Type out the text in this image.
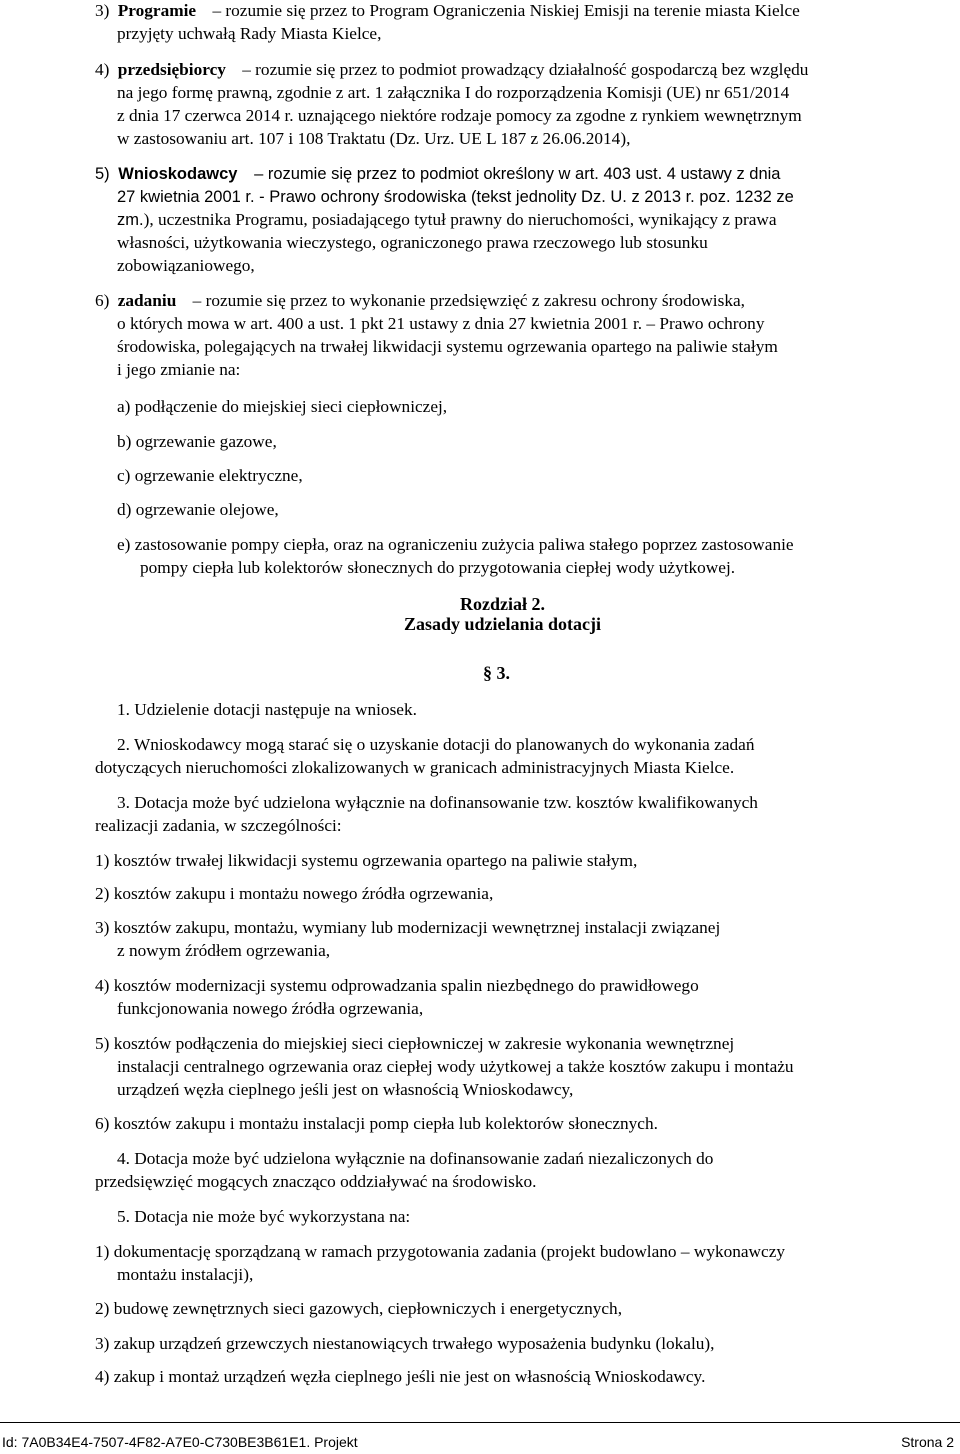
3) Programie – rozumie się przez to Program Ograniczenia Niskiej Emisji na terenie miasta Kielce
przyjęty uchwałą Rady Miasta Kielce,
4) przedsiębiorcy – rozumie się przez to podmiot prowadzący działalność gospodarczą bez względu
na jego formę prawną, zgodnie z art. 1 załącznika I do rozporządzenia Komisji (UE) nr 651/2014
z dnia 17 czerwca 2014 r. uznającego niektóre rodzaje pomocy za zgodne z rynkiem wewnętrznym
w zastosowaniu art. 107 i 108 Traktatu (Dz. Urz. UE L 187 z 26.06.2014),
5) Wnioskodawcy – rozumie się przez to podmiot określony w art. 403 ust. 4 ustawy z dnia
27 kwietnia 2001 r. - Prawo ochrony środowiska (tekst jednolity Dz. U. z 2013 r. poz. 1232 ze
zm.), uczestnika Programu, posiadającego tytuł prawny do nieruchomości, wynikający z prawa
własności, użytkowania wieczystego, ograniczonego prawa rzeczowego lub stosunku
zobowiązaniowego,
6) zadaniu – rozumie się przez to wykonanie przedsięwzięć z zakresu ochrony środowiska,
o których mowa w art. 400 a ust. 1 pkt 21 ustawy z dnia 27 kwietnia 2001 r. – Prawo ochrony
środowiska, polegających na trwałej likwidacji systemu ogrzewania opartego na paliwie stałym
i jego zmianie na:
a) podłączenie do miejskiej sieci ciepłowniczej,
b) ogrzewanie gazowe,
c) ogrzewanie elektryczne,
d) ogrzewanie olejowe,
e) zastosowanie pompy ciepła, oraz na ograniczeniu zużycia paliwa stałego poprzez zastosowanie
pompy ciepła lub kolektorów słonecznych do przygotowania ciepłej wody użytkowej.
Rozdział 2.
Zasady udzielania dotacji
§ 3.
1. Udzielenie dotacji następuje na wniosek.
2. Wnioskodawcy mogą starać się o uzyskanie dotacji do planowanych do wykonania zadań
dotyczących nieruchomości zlokalizowanych w granicach administracyjnych Miasta Kielce.
3. Dotacja może być udzielona wyłącznie na dofinansowanie tzw. kosztów kwalifikowanych
realizacji zadania, w szczególności:
1) kosztów trwałej likwidacji systemu ogrzewania opartego na paliwie stałym,
2) kosztów zakupu i montażu nowego źródła ogrzewania,
3) kosztów zakupu, montażu, wymiany lub modernizacji wewnętrznej instalacji związanej
z nowym źródłem ogrzewania,
4) kosztów modernizacji systemu odprowadzania spalin niezbędnego do prawidłowego
funkcjonowania nowego źródła ogrzewania,
5) kosztów podłączenia do miejskiej sieci ciepłowniczej w zakresie wykonania wewnętrznej
instalacji centralnego ogrzewania oraz ciepłej wody użytkowej a także kosztów zakupu i montażu
urządzeń węzła cieplnego jeśli jest on własnością Wnioskodawcy,
6) kosztów zakupu i montażu instalacji pomp ciepła lub kolektorów słonecznych.
4. Dotacja może być udzielona wyłącznie na dofinansowanie zadań niezaliczonych do
przedsięwzięć mogących znacząco oddziaływać na środowisko.
5. Dotacja nie może być wykorzystana na:
1) dokumentację sporządzaną w ramach przygotowania zadania (projekt budowlano – wykonawczy
montażu instalacji),
2) budowę zewnętrznych sieci gazowych, ciepłowniczych i energetycznych,
3) zakup urządzeń grzewczych niestanowiących trwałego wyposażenia budynku (lokalu),
4) zakup i montaż urządzeń węzła cieplnego jeśli nie jest on własnością Wnioskodawcy.
Id: 7A0B34E4-7507-4F82-A7E0-C730BE3B61E1. Projekt	Strona 2
